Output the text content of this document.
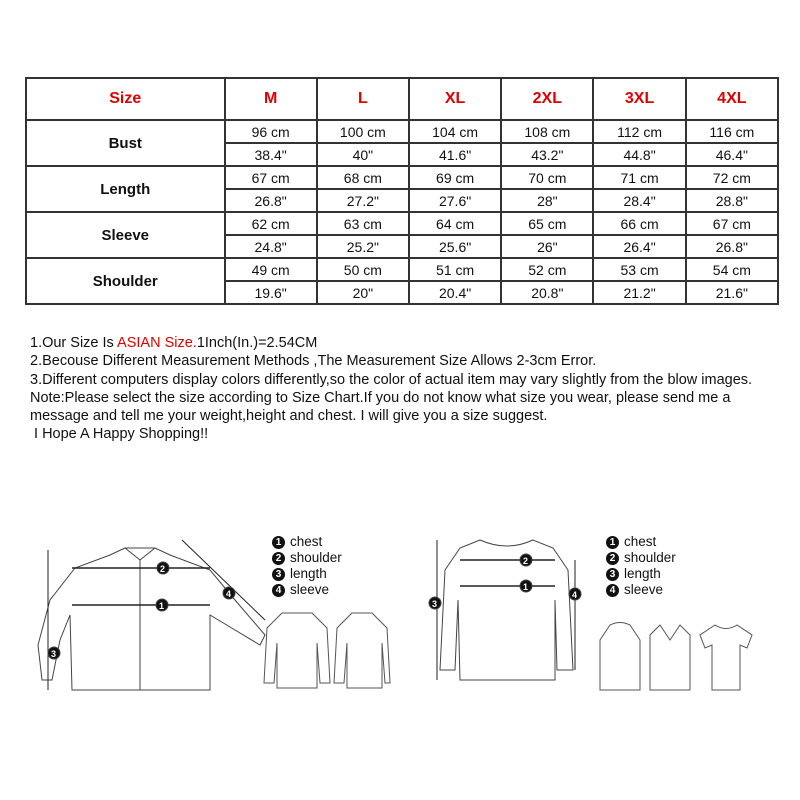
Size	M	L	XL	2XL	3XL	4XL
Bust	96 cm	100 cm	104 cm	108 cm	112 cm	116 cm
	38.4"	40"	41.6"	43.2"	44.8"	46.4"
Length	67 cm	68 cm	69 cm	70 cm	71 cm	72 cm
	26.8"	27.2"	27.6"	28"	28.4"	28.8"
Sleeve	62 cm	63 cm	64 cm	65 cm	66 cm	67 cm
	24.8"	25.2"	25.6"	26"	26.4"	26.8"
Shoulder	49 cm	50 cm	51 cm	52 cm	53 cm	54 cm
	19.6"	20"	20.4"	20.8"	21.2"	21.6"

1.Our Size Is ASIAN Size.1Inch(In.)=2.54CM

2.Becouse Different Measurement Methods ,The Measurement Size Allows 2-3cm Error.

3.Different computers display colors differently,so the color of actual item may vary slightly from the blow images.

Note:Please select the size according to Size Chart.If you do not know what size you wear, please send me a message and tell me your weight,height and chest. I will give you a size suggest.

I Hope A Happy Shopping!!

2
1
3
4
1 chest
2 shoulder
3 length
4 sleeve
2
1
3
4
1 chest
2 shoulder
3 length
4 sleeve
